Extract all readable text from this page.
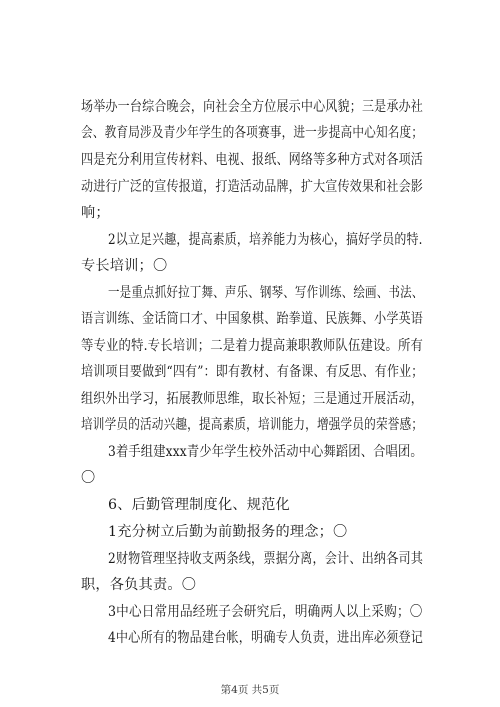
场举办一台综合晚会，向社会全方位展示中心风貌；三是承办社
会、教育局涉及青少年学生的各项赛事，进一步提高中心知名度；
四是充分利用宣传材料、电视、报纸、网络等多种方式对各项活
动进行广泛的宣传报道，打造活动品牌，扩大宣传效果和社会影
响；
2以立足兴趣，提高素质，培养能力为核心，搞好学员的特.
专长培训；〇
一是重点抓好拉丁舞、声乐、钢琴、写作训练、绘画、书法、
语言训练、金话筒口才、中国象棋、跆拳道、民族舞、小学英语
等专业的特.专长培训；二是着力提高兼职教师队伍建设。所有
培训项目要做到“四有”：即有教材、有备课、有反思、有作业；
组织外出学习，拓展教师思维，取长补短；三是通过开展活动，
培训学员的活动兴趣，提高素质，培训能力，增强学员的荣誉感；
3着手组建xxx青少年学生校外活动中心舞蹈团、合唱团。
〇
6、后勤管理制度化、规范化
1充分树立后勤为前勤报务的理念；〇
2财物管理坚持收支两条线，票据分离，会计、出纳各司其
职，各负其责。〇
3中心日常用品经班子会研究后，明确两人以上采购；〇
4中心所有的物品建台帐，明确专人负责，进出库必须登记
第4页 共5页
